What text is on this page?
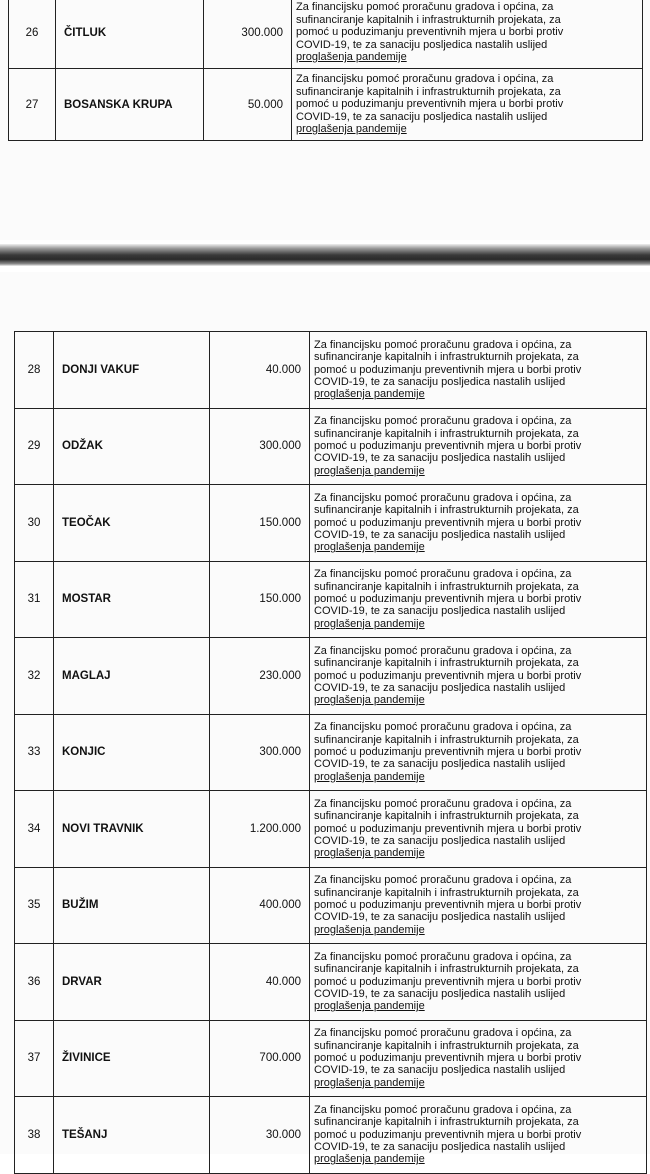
26	ČITLUK	300.000	Za financijsku pomoć proračunu gradova i općina, za
sufinanciranje kapitalnih i infrastrukturnih projekata, za
pomoć u poduzimanju preventivnih mjera u borbi protiv
COVID-19, te za sanaciju posljedica nastalih uslijed
proglašenja pandemije

27	BOSANSKA KRUPA	50.000	Za financijsku pomoć proračunu gradova i općina, za
sufinanciranje kapitalnih i infrastrukturnih projekata, za
pomoć u poduzimanju preventivnih mjera u borbi protiv
COVID-19, te za sanaciju posljedica nastalih uslijed
proglašenja pandemije
28	DONJI VAKUF	40.000	Za financijsku pomoć proračunu gradova i općina, za
sufinanciranje kapitalnih i infrastrukturnih projekata, za
pomoć u poduzimanju preventivnih mjera u borbi protiv
COVID-19, te za sanaciju posljedica nastalih uslijed
proglašenja pandemije

29	ODŽAK	300.000	Za financijsku pomoć proračunu gradova i općina, za
sufinanciranje kapitalnih i infrastrukturnih projekata, za
pomoć u poduzimanju preventivnih mjera u borbi protiv
COVID-19, te za sanaciju posljedica nastalih uslijed
proglašenja pandemije

30	TEOČAK	150.000	Za financijsku pomoć proračunu gradova i općina, za
sufinanciranje kapitalnih i infrastrukturnih projekata, za
pomoć u poduzimanju preventivnih mjera u borbi protiv
COVID-19, te za sanaciju posljedica nastalih uslijed
proglašenja pandemije

31	MOSTAR	150.000	Za financijsku pomoć proračunu gradova i općina, za
sufinanciranje kapitalnih i infrastrukturnih projekata, za
pomoć u poduzimanju preventivnih mjera u borbi protiv
COVID-19, te za sanaciju posljedica nastalih uslijed
proglašenja pandemije

32	MAGLAJ	230.000	Za financijsku pomoć proračunu gradova i općina, za
sufinanciranje kapitalnih i infrastrukturnih projekata, za
pomoć u poduzimanju preventivnih mjera u borbi protiv
COVID-19, te za sanaciju posljedica nastalih uslijed
proglašenja pandemije

33	KONJIC	300.000	Za financijsku pomoć proračunu gradova i općina, za
sufinanciranje kapitalnih i infrastrukturnih projekata, za
pomoć u poduzimanju preventivnih mjera u borbi protiv
COVID-19, te za sanaciju posljedica nastalih uslijed
proglašenja pandemije

34	NOVI TRAVNIK	1.200.000	Za financijsku pomoć proračunu gradova i općina, za
sufinanciranje kapitalnih i infrastrukturnih projekata, za
pomoć u poduzimanju preventivnih mjera u borbi protiv
COVID-19, te za sanaciju posljedica nastalih uslijed
proglašenja pandemije

35	BUŽIM	400.000	Za financijsku pomoć proračunu gradova i općina, za
sufinanciranje kapitalnih i infrastrukturnih projekata, za
pomoć u poduzimanju preventivnih mjera u borbi protiv
COVID-19, te za sanaciju posljedica nastalih uslijed
proglašenja pandemije

36	DRVAR	40.000	Za financijsku pomoć proračunu gradova i općina, za
sufinanciranje kapitalnih i infrastrukturnih projekata, za
pomoć u poduzimanju preventivnih mjera u borbi protiv
COVID-19, te za sanaciju posljedica nastalih uslijed
proglašenja pandemije

37	ŽIVINICE	700.000	Za financijsku pomoć proračunu gradova i općina, za
sufinanciranje kapitalnih i infrastrukturnih projekata, za
pomoć u poduzimanju preventivnih mjera u borbi protiv
COVID-19, te za sanaciju posljedica nastalih uslijed
proglašenja pandemije

38	TEŠANJ	30.000	Za financijsku pomoć proračunu gradova i općina, za
sufinanciranje kapitalnih i infrastrukturnih projekata, za
pomoć u poduzimanju preventivnih mjera u borbi protiv
COVID-19, te za sanaciju posljedica nastalih uslijed
proglašenja pandemije
